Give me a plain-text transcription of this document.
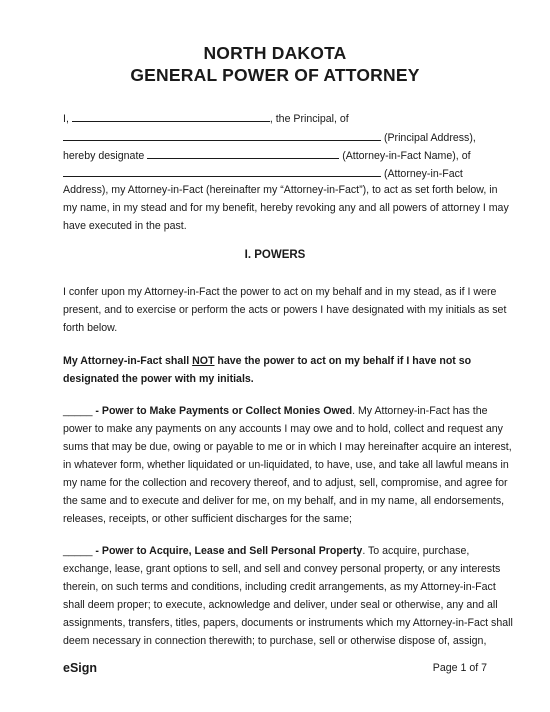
NORTH DAKOTA
GENERAL POWER OF ATTORNEY
I,	, the Principal, of
(Principal Address),
hereby designate	(Attorney-in-Fact Name), of
(Attorney-in-Fact
Address), my Attorney-in-Fact (hereinafter my “Attorney-in-Fact”), to act as set forth below, in
my name, in my stead and for my benefit, hereby revoking any and all powers of attorney I may
have executed in the past.
I. POWERS
I confer upon my Attorney-in-Fact the power to act on my behalf and in my stead, as if I were
present, and to exercise or perform the acts or powers I have designated with my initials as set
forth below.
My Attorney-in-Fact shall NOT have the power to act on my behalf if I have not so
designated the power with my initials.
_____ - Power to Make Payments or Collect Monies Owed. My Attorney-in-Fact has the
power to make any payments on any accounts I may owe and to hold, collect and request any
sums that may be due, owing or payable to me or in which I may hereinafter acquire an interest,
in whatever form, whether liquidated or un-liquidated, to have, use, and take all lawful means in
my name for the collection and recovery thereof, and to adjust, sell, compromise, and agree for
the same and to execute and deliver for me, on my behalf, and in my name, all endorsements,
releases, receipts, or other sufficient discharges for the same;
_____ - Power to Acquire, Lease and Sell Personal Property. To acquire, purchase,
exchange, lease, grant options to sell, and sell and convey personal property, or any interests
therein, on such terms and conditions, including credit arrangements, as my Attorney-in-Fact
shall deem proper; to execute, acknowledge and deliver, under seal or otherwise, any and all
assignments, transfers, titles, papers, documents or instruments which my Attorney-in-Fact shall
deem necessary in connection therewith; to purchase, sell or otherwise dispose of, assign,
eSign	Page 1 of 7
